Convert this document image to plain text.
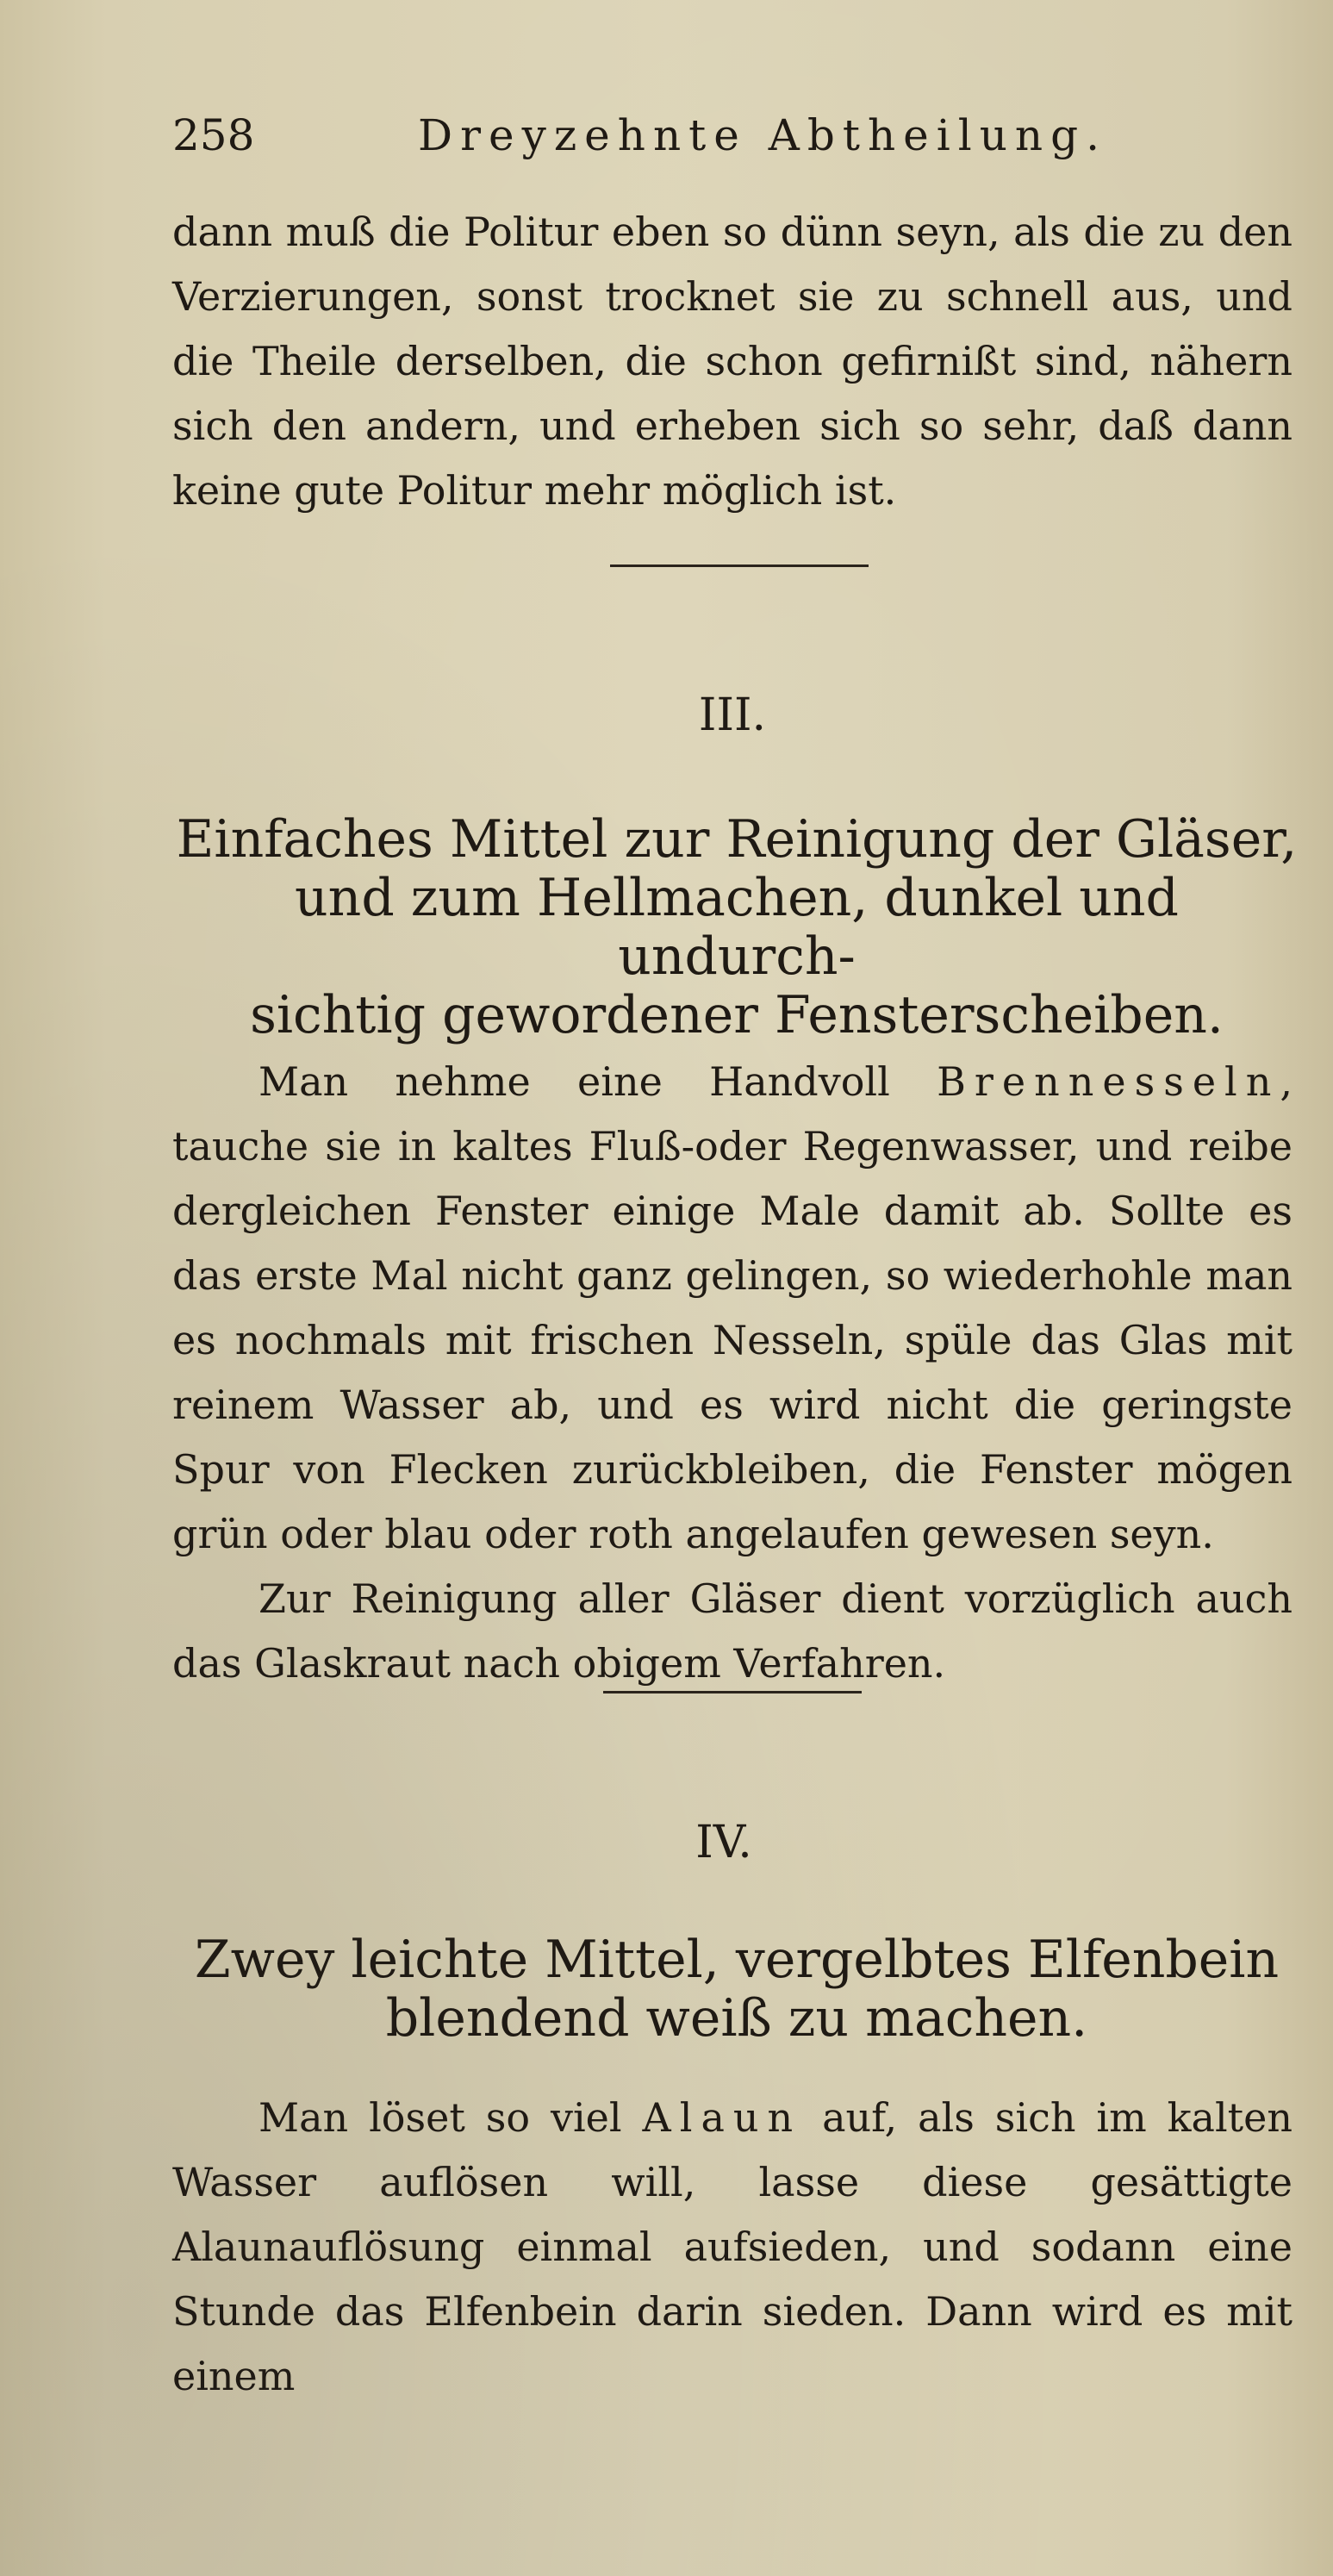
258	Dreyzehnte Abtheilung.

dann muß die Politur eben so dünn seyn, als die zu den Verzierungen, sonst trocknet sie zu schnell aus, und die Theile derselben, die schon gefirnißt sind, nähern sich den andern, und erheben sich so sehr, daß dann keine gute Politur mehr möglich ist.

III.
Einfaches Mittel zur Reinigung der Gläser,
und zum Hellmachen, dunkel und undurch-
sichtig gewordener Fensterscheiben.

Man nehme eine Handvoll Brennesseln, tauche sie in kaltes Fluß-oder Regenwasser, und reibe dergleichen Fenster einige Male damit ab. Sollte es das erste Mal nicht ganz gelingen, so wiederhohle man es nochmals mit frischen Nesseln, spüle das Glas mit reinem Wasser ab, und es wird nicht die geringste Spur von Flecken zurückbleiben, die Fenster mögen grün oder blau oder roth angelaufen gewesen seyn.

Zur Reinigung aller Gläser dient vorzüglich auch das Glaskraut nach obigem Verfahren.

IV.
Zwey leichte Mittel, vergelbtes Elfenbein
blendend weiß zu machen.

Man löset so viel Alaun auf, als sich im kalten Wasser auflösen will, lasse diese gesättigte Alaunauflösung einmal aufsieden, und sodann eine Stunde das Elfenbein darin sieden. Dann wird es mit einem
